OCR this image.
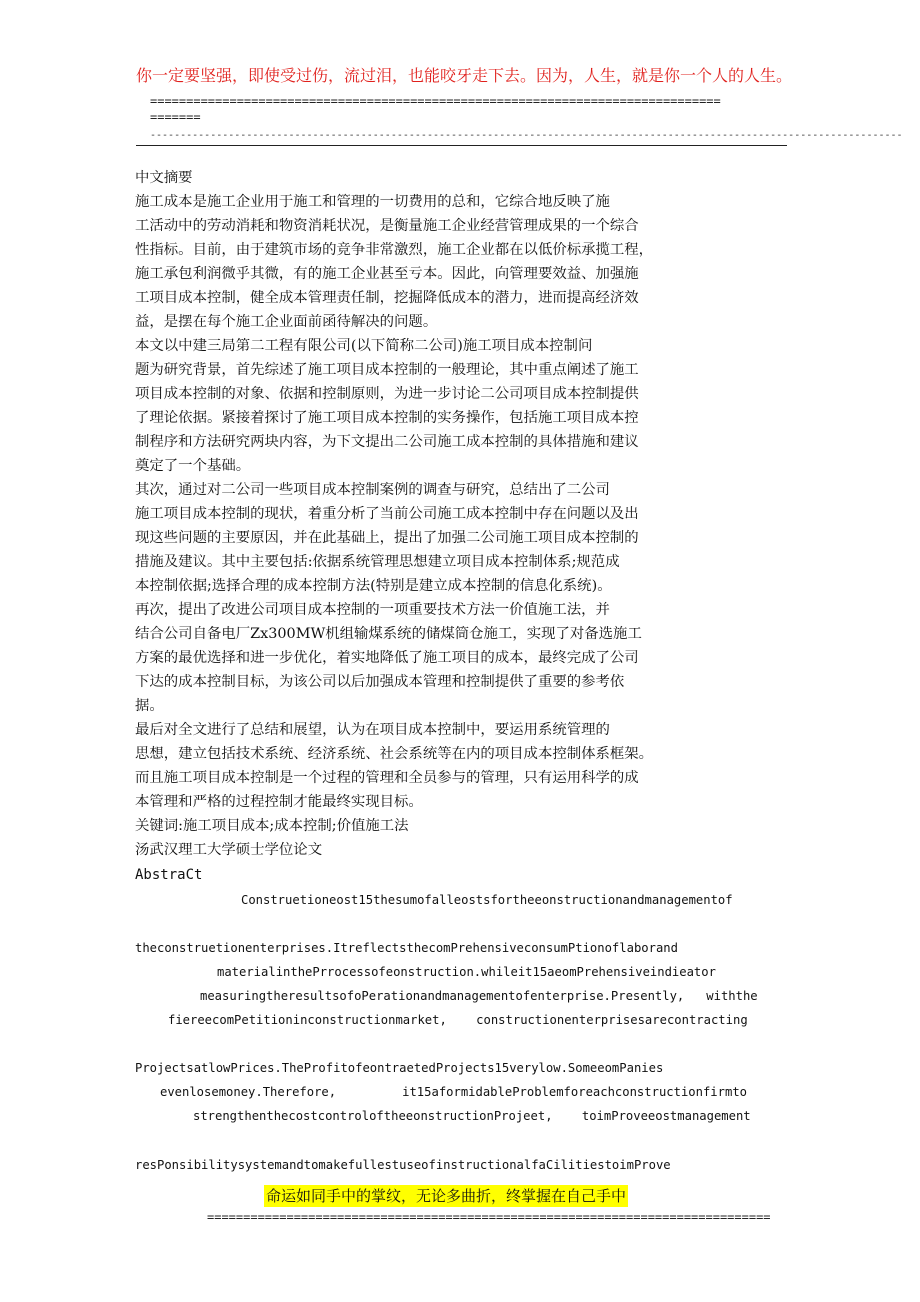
你一定要坚强，即使受过伤，流过泪，也能咬牙走下去。因为，人生，就是你一个人的人生。
===============================================================================
=======
-----------------------------------------------------------------------------------------------------------------------------
中文摘要
施工成本是施工企业用于施工和管理的一切费用的总和，它综合地反映了施
工活动中的劳动消耗和物资消耗状况，是衡量施工企业经营管理成果的一个综合
性指标。目前，由于建筑市场的竞争非常激烈，施工企业都在以低价标承揽工程，
施工承包利润微乎其微，有的施工企业甚至亏本。因此，向管理要效益、加强施
工项目成本控制，健全成本管理责任制，挖掘降低成本的潜力，进而提高经济效
益，是摆在每个施工企业面前函待解决的问题。
本文以中建三局第二工程有限公司(以下简称二公司)施工项目成本控制问
题为研究背景，首先综述了施工项目成本控制的一般理论，其中重点阐述了施工
项目成本控制的对象、依据和控制原则，为进一步讨论二公司项目成本控制提供
了理论依据。紧接着探讨了施工项目成本控制的实务操作，包括施工项目成本控
制程序和方法研究两块内容，为下文提出二公司施工成本控制的具体措施和建议
奠定了一个基础。
其次，通过对二公司一些项目成本控制案例的调查与研究，总结出了二公司
施工项目成本控制的现状，着重分析了当前公司施工成本控制中存在问题以及出
现这些问题的主要原因，并在此基础上，提出了加强二公司施工项目成本控制的
措施及建议。其中主要包括:依据系统管理思想建立项目成本控制体系;规范成
本控制依据;选择合理的成本控制方法(特别是建立成本控制的信息化系统)。
再次，提出了改进公司项目成本控制的一项重要技术方法一价值施工法，并
结合公司自备电厂Zx300MW机组输煤系统的储煤筒仓施工，实现了对备选施工
方案的最优选择和进一步优化，着实地降低了施工项目的成本，最终完成了公司
下达的成本控制目标，为该公司以后加强成本管理和控制提供了重要的参考依
据。
最后对全文进行了总结和展望，认为在项目成本控制中，要运用系统管理的
思想，建立包括技术系统、经济系统、社会系统等在内的项目成本控制体系框架。
而且施工项目成本控制是一个过程的管理和全员参与的管理，只有运用科学的成
本管理和严格的过程控制才能最终实现目标。
关键词:施工项目成本;成本控制;价值施工法
汤武汉理工大学硕士学位论文
AbstraCt
Construetioneost15thesumofalleostsfortheeonstructionandmanagementof
theconstruetionenterprises.ItreflectsthecomPrehensiveconsumPtionoflaborand
materialinthePrrocessofeonstruction.whileit15aeomPrehensiveindieator
measuringtheresultsofoPerationandmanagementofenterprise.Presently,   withthe
fiereecomPetitioninconstructionmarket,    constructionenterprisesarecontracting
ProjectsatlowPrices.TheProfitofeontraetedProjects15verylow.SomeeomPanies
evenlosemoney.Therefore,         it15aformidableProblemforeachconstructionfirmto
strengthenthecostcontroloftheeonstructionProjeet,    toimProveeostmanagement
resPonsibilitysystemandtomakefullestuseofinstructionalfaCilitiestoimProve
命运如同手中的掌纹，无论多曲折，终掌握在自己手中
==============================================================================
